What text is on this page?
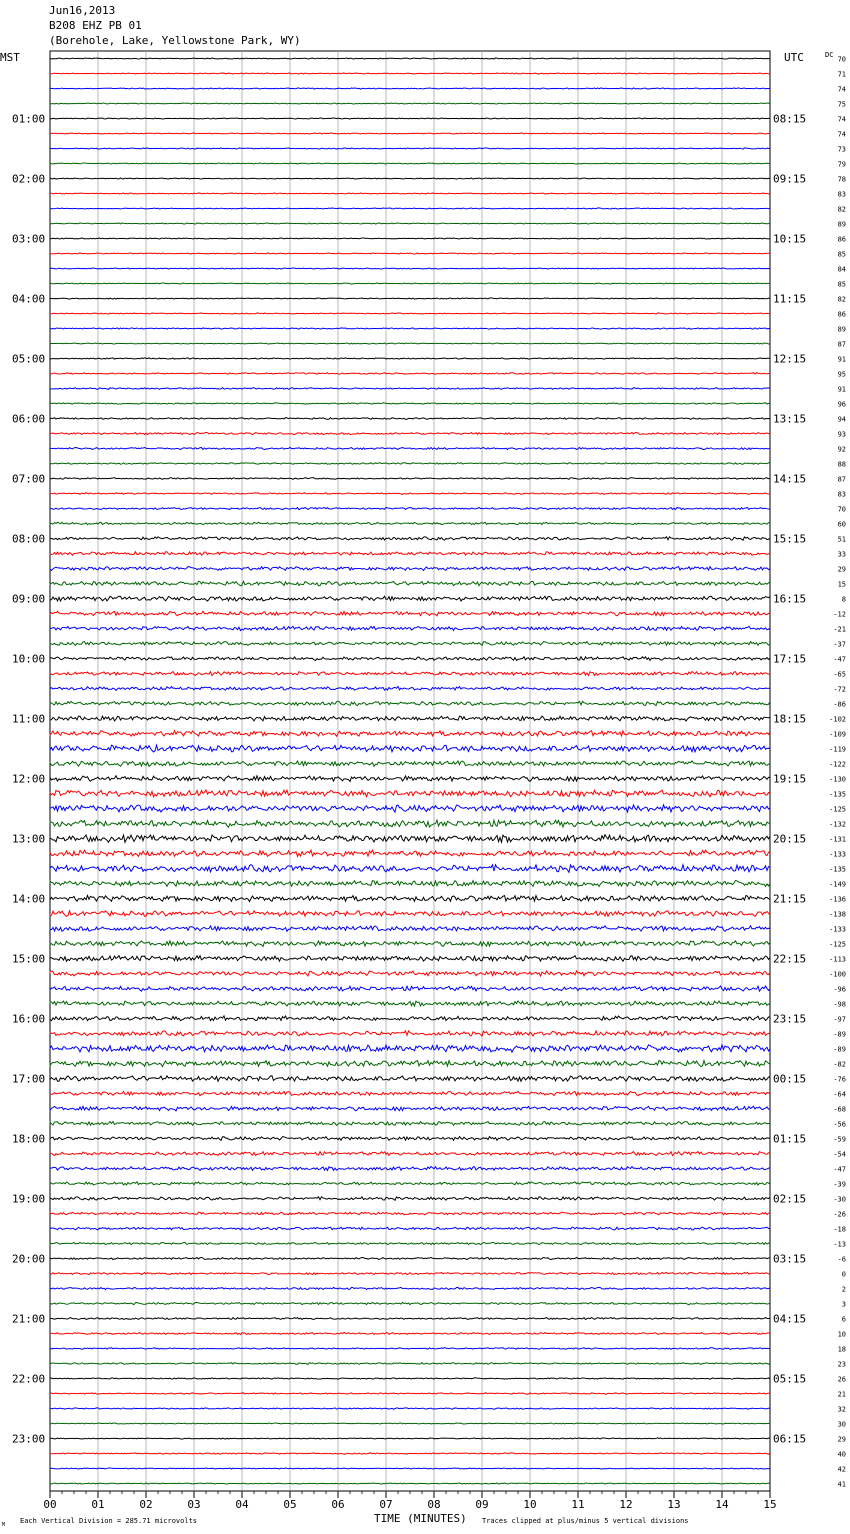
Jun16,2013
B208 EHZ PB 01
(Borehole, Lake, Yellowstone Park, WY)
00	01	02	03	04	05	06	07	08	09	10	11	12	13	14	15
01:00
02:00
03:00
04:00
05:00
06:00
07:00
08:00
09:00
10:00
11:00
12:00
13:00
14:00
15:00
16:00
17:00
18:00
19:00
20:00
21:00
22:00
23:00
08:15
09:15
10:15
11:15
12:15
13:15
14:15
15:15
16:15
17:15
18:15
19:15
20:15
21:15
22:15
23:15
00:15
01:15
02:15
03:15
04:15
05:15
06:15
70
71
74
75
74
74
73
79
78
83
82
89
86
85
84
85
82
86
89
87
91
95
91
96
94
93
92
88
87
83
70
60
51
33
29
15
8
-12
-21
-37
-47
-65
-72
-86
-102
-109
-119
-122
-130
-135
-125
-132
-131
-133
-135
-149
-136
-138
-133
-125
-113
-100
-96
-98
-97
-89
-89
-82
-76
-64
-68
-56
-59
-54
-47
-39
-30
-26
-18
-13
-6
0
2
3
6
10
18
23
26
21
32
30
29
40
42
41
MST	UTC	DC
TIME (MINUTES)
Each Vertical Division = 285.71 microvolts	Traces clipped at plus/minus 5 vertical divisions
M
